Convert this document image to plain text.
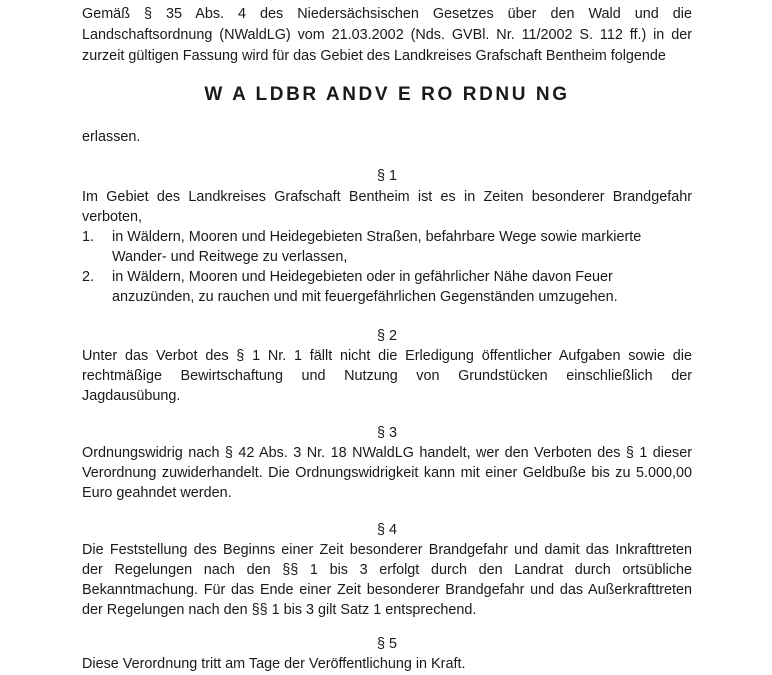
Gemäß § 35 Abs. 4 des Niedersächsischen Gesetzes über den Wald und die
Landschaftsordnung (NWaldLG) vom 21.03.2002 (Nds. GVBl. Nr. 11/2002 S. 112 ff.) in der
zurzeit gültigen Fassung wird für das Gebiet des Landkreises Grafschaft Bentheim folgende
W A LDBR ANDV E RO RDNU NG
erlassen.
§ 1
Im Gebiet des Landkreises Grafschaft Bentheim ist es in Zeiten besonderer Brandgefahr
verboten,
1.	in Wäldern, Mooren und Heidegebieten Straßen, befahrbare Wege sowie markierte
Wander- und Reitwege zu verlassen,
2.	in Wäldern, Mooren und Heidegebieten oder in gefährlicher Nähe davon Feuer
anzuzünden, zu rauchen und mit feuergefährlichen Gegenständen umzugehen.
§ 2
Unter das Verbot des § 1 Nr. 1 fällt nicht die Erledigung öffentlicher Aufgaben sowie die
rechtmäßige Bewirtschaftung und Nutzung von Grundstücken einschließlich der
Jagdausübung.
§ 3
Ordnungswidrig nach § 42 Abs. 3 Nr. 18 NWaldLG handelt, wer den Verboten des § 1 dieser
Verordnung zuwiderhandelt. Die Ordnungswidrigkeit kann mit einer Geldbuße bis zu 5.000,00
Euro geahndet werden.
§ 4
Die Feststellung des Beginns einer Zeit besonderer Brandgefahr und damit das Inkrafttreten
der Regelungen nach den §§ 1 bis 3 erfolgt durch den Landrat durch ortsübliche
Bekanntmachung. Für das Ende einer Zeit besonderer Brandgefahr und das Außerkrafttreten
der Regelungen nach den §§ 1 bis 3 gilt Satz 1 entsprechend.
§ 5
Diese Verordnung tritt am Tage der Veröffentlichung in Kraft.
